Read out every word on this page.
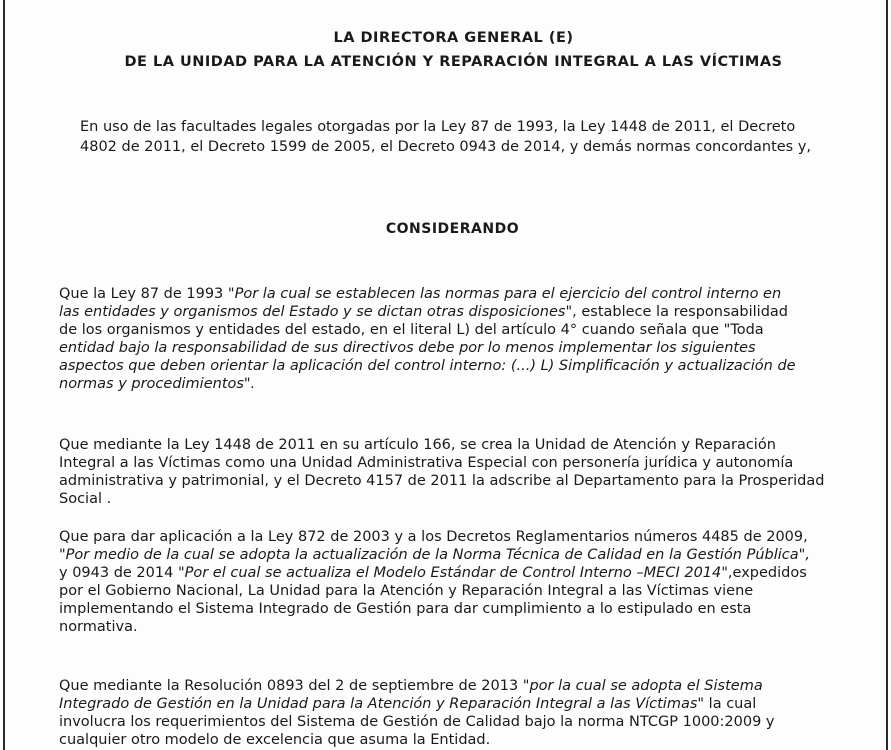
LA DIRECTORA GENERAL (E)
DE LA UNIDAD PARA LA ATENCIÓN Y REPARACIÓN INTEGRAL A LAS VÍCTIMAS
En uso de las facultades legales otorgadas por la Ley 87 de 1993, la Ley 1448 de 2011, el Decreto
4802 de 2011, el Decreto 1599 de 2005, el Decreto 0943 de 2014, y demás normas concordantes y,
CONSIDERANDO
Que la Ley 87 de 1993 "Por la cual se establecen las normas para el ejercicio del control interno en
las entidades y organismos del Estado y se dictan otras disposiciones", establece la responsabilidad
de los organismos y entidades del estado, en el literal L) del artículo 4° cuando señala que "Toda
entidad bajo la responsabilidad de sus directivos debe por lo menos implementar los siguientes
aspectos que deben orientar la aplicación del control interno: (...) L) Simplificación y actualización de
normas y procedimientos".
Que mediante la Ley 1448 de 2011 en su artículo 166, se crea la Unidad de Atención y Reparación
Integral a las Víctimas como una Unidad Administrativa Especial con personería jurídica y autonomía
administrativa y patrimonial, y el Decreto 4157 de 2011 la adscribe al Departamento para la Prosperidad
Social .
Que para dar aplicación a la Ley 872 de 2003 y a los Decretos Reglamentarios números 4485 de 2009,
"Por medio de la cual se adopta la actualización de la Norma Técnica de Calidad en la Gestión Pública",
y 0943 de 2014 "Por el cual se actualiza el Modelo Estándar de Control Interno –MECI 2014",expedidos
por el Gobierno Nacional, La Unidad para la Atención y Reparación Integral a las Víctimas viene
implementando el Sistema Integrado de Gestión para dar cumplimiento a lo estipulado en esta
normativa.
Que mediante la Resolución 0893 del 2 de septiembre de 2013 "por la cual se adopta el Sistema
Integrado de Gestión en la Unidad para la Atención y Reparación Integral a las Víctimas" la cual
involucra los requerimientos del Sistema de Gestión de Calidad bajo la norma NTCGP 1000:2009 y
cualquier otro modelo de excelencia que asuma la Entidad.
